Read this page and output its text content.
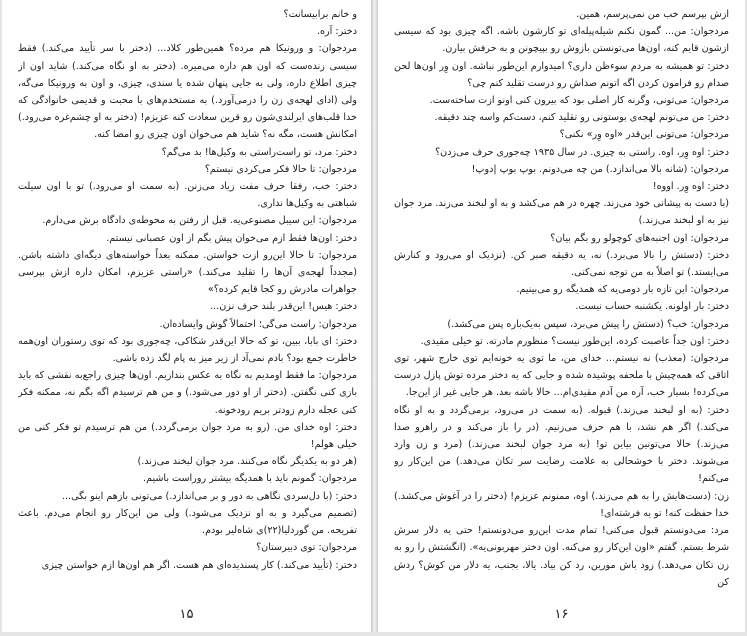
و خانم برابیسانت؟

دختر: آره.

مردجوان: و ورونیکا هم مرده؟ همین‌طور کلاد... (دختر با سر تأیید می‌کند.) فقط سیسی زنده‌ست که اون هم داره می‌میره. (دختر به او نگاه می‌کند.) شاید اون از چیزی اطلاع داره، ولی به جایی پنهان شده یا سندی، چیزی، و اون به ورونیکا می‌گه، ولی (ادای لهجه‌ی زن را درمی‌آورد.) به مستخدم‌های با محبت و قدیمی خانوادگی که خدا قلب‌های ایرلندی‌شون رو قرین سعادت کنه عزیزم! (دختر به او چشم‌غره می‌رود.) امکانش هست، مگه نه؟ شاید هم می‌خوان اون چیزی رو امضا کنه.

دختر: مرد، تو راست‌راستی به وکیل‌ها! بد می‌گم؟

مردجوان: تا حالا فکر می‌کردی نیستم؟

دختر: خب، رفقا حرف مفت زیاد می‌زنن. (به سمت او می‌رود.) تو با اون سیلت شباهتی به وکیل‌ها نداری.

مردجوان: این سیبل مصنوعی‌یه. قبل از رفتن به محوطه‌ی دادگاه برش می‌دارم.

دختر: اون‌ها فقط ازم می‌خوان پیش بگم از اون عصبانی نیستم.

مردجوان: تا حالا این‌رو ازت خواستن. ممکنه بعداً خواسته‌های دیگه‌ای داشته باشن. (مجدداً لهجه‌ی آن‌ها را تقلید می‌کند.) «راستی عزیزم، امکان داره ازش بپرسی جواهرات مادرش رو کجا قایم کرده؟»

دختر: هیس! این‌قدر بلند حرف نزن...

مردجوان: راست می‌گی؛ احتمالاً گوش وایساده‌ان.

دختر: ای بابا، ببین، تو که حالا این‌قدر شکاکی، چه‌جوری بود که توی رستوران اون‌همه خاطرت جمع بود؟ بادم نمی‌آد از زیر میز به پام لگد زده باشی.

مردجوان: ما فقط اومدیم به نگاه به عکس بندازیم. اون‌ها چیزی راجع‌به نقشی که باید بازی کنی نگفتن. (دختر از او دور می‌شود.) و من هم ترسیدم اگه بگم نه، ممکنه فکر کنی عجله دارم زودتر بریم رودخونه.

دختر: اوه خدای من. (رو به مرد جوان برمی‌گردد.) من هم ترسیدم تو فکر کنی من خیلی هولم!

(هر دو به یکدیگر نگاه می‌کنند. مرد جوان لبخند می‌زند.)

مردجوان: گمونم باید با همدیگه بیشتر روراست باشیم.

دختر: (با دل‌سردی نگاهی به دور و بر می‌اندازد.) می‌تونی بازهم اینو بگی...

(تصمیم می‌گیرد و به او نزدیک می‌شود.) ولی من این‌کار رو انجام می‌دم. باعث تفریحه. من گوردلیا(۲۲)ی شاه‌لیر بودم.

مردجوان: توی دبیرستان؟

دختر: (تأیید می‌کند.) کار پسندیده‌ای هم هست. اگر هم اون‌ها ازم خواستن چیزی

۱۵

ازش بپرسم خب من نمی‌پرسم، همین.

مردجوان: من... گمون نکنم شیله‌پیله‌ای تو کارشون باشه. اگه چیزی بود که سیسی ازشون قایم کنه، اون‌ها می‌تونستن بازوش رو بپیچونن و به حرفش بیارن.

دختر: تو همیشه به مردم سوءظن داری؟ امیدوارم این‌طور نباشه. اون وِر اون‌ها لحن صدام رو فرامون کردن اگه اتونم صداش رو درست تقلید کنم چی؟

مردجوان: می‌تونی، وگرنه کار اصلی بود که بیرون کنی اونو ازت ساخته‌ست.

دختر: من می‌تونم لهجه‌ی بوستونی رو تقلید کنم، دست‌کم واسه چند دقیقه.

مردجوان: می‌تونی این‌قدر «اوه وِر» نکنی؟

دختر: اوه وِر، اوه. راستی به چیزی. در سال ۱۹۳۵ چه‌جوری حرف می‌زدن؟

مردجوان: (شانه بالا می‌اندازد.) من چه می‌دونم. بوپ بوپ |دوپ!

دختر: اوه وِر. اووه!

(با دست به پیشانی خود می‌زند. چهره در هم می‌کشد و به او لبخند می‌زند. مرد جوان نیز به او لبخند می‌زند.)

مردجوان: اون اجنبه‌های کوچولو رو بگم بیان؟

دختر: (دستش را بالا می‌برد.) نه، یه دقیقه صبر کن. (نزدیک او می‌رود و کنارش می‌ایستد.) تو اصلاً به من توجه نمی‌کنی.

مردجوان: این تازه بار دومی‌یه که همدیگه رو می‌بینیم.

دختر: بار اولونه. یکشنبه حساب نیست.

مردجوان: خب؟ (دستش را پیش می‌برد، سپس به‌یک‌باره پس می‌کشد.)

دختر: اون جداً عاصبت کرده، این‌طور نیست؟ منظورم مادرته. تو خیلی مقیدی.

مردجوان: (معذب) نه نیستم... خدای من، ما توی یه خونه‌ایم توی خارج شهر، توی اتاقی که همه‌چیش با ملحفه پوشیده شده و جایی که یه دختر مرده توش پازل درست می‌کرده! بسیار خب، آره من آدم مقیدی‌ام... حالا باشه بعد. هر جایی غیر از این‌جا.

دختر: (به او لبخند می‌زند.) قبوله. (به سمت در می‌رود، برمی‌گردد و به او نگاه می‌کند.) اگر هم نشد، با هم حرف می‌زنیم. (در را باز می‌کند و در راهرو صدا می‌زند.) حالا می‌تونین بیاین تو! (به مرد جوان لبخند می‌زند.) (مرد و زن وارد می‌شوند. دختر با خوشحالی به علامت رضایت سر تکان می‌دهد.) من این‌کار رو می‌کنم!

زن: (دست‌هایش را به هم می‌زند.) اوه، ممنونم عزیزم! (دختر را در آغوش می‌کشد.) خدا حفظت کنه! تو یه فرشته‌ای!

مرد: می‌دونستم قبول می‌کنی! تمام مدت این‌رو می‌دونستم! حتی یه دلار سرش شرط بستم. گفتم «اون این‌کار رو می‌کنه. اون دختر مهربونی‌یه». (انگشتش را رو به زن تکان می‌دهد.) زود باش مورین، رد کن بیاد. یالا، بجنب، یه دلار من کوش؟ ردش کن

۱۶
